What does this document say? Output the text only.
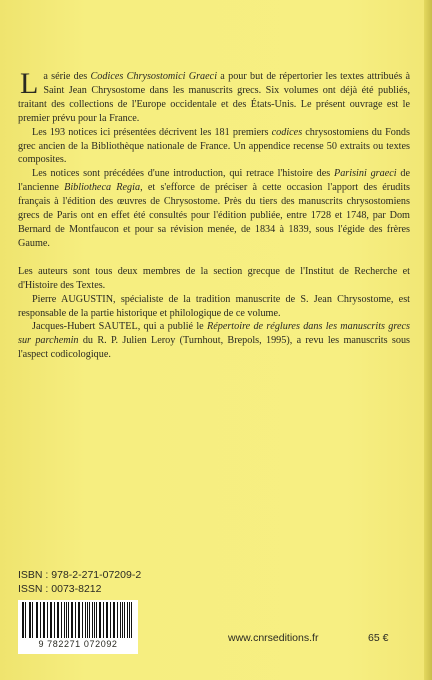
La série des Codices Chrysostomici Graeci a pour but de répertorier les textes attribués à Saint Jean Chrysostome dans les manuscrits grecs. Six volumes ont déjà été publiés, traitant des collections de l'Europe occidentale et des États-Unis. Le présent ouvrage est le premier prévu pour la France.

Les 193 notices ici présentées décrivent les 181 premiers codices chrysostomiens du Fonds grec ancien de la Bibliothèque nationale de France. Un appendice recense 50 extraits ou textes composites.

Les notices sont précédées d'une introduction, qui retrace l'histoire des Parisini graeci de l'ancienne Bibliotheca Regia, et s'efforce de préciser à cette occasion l'apport des érudits français à l'édition des œuvres de Chrysostome. Près du tiers des manuscrits chrysostomiens grecs de Paris ont en effet été consultés pour l'édition publiée, entre 1728 et 1748, par Dom Bernard de Montfaucon et pour sa révision menée, de 1834 à 1839, sous l'égide des frères Gaume.

Les auteurs sont tous deux membres de la section grecque de l'Institut de Recherche et d'Histoire des Textes.

Pierre AUGUSTIN, spécialiste de la tradition manuscrite de S. Jean Chrysostome, est responsable de la partie historique et philologique de ce volume.

Jacques-Hubert SAUTEL, qui a publié le Répertoire de réglures dans les manuscrits grecs sur parchemin du R. P. Julien Leroy (Turnhout, Brepols, 1995), a revu les manuscrits sous l'aspect codicologique.

ISBN : 978-2-271-07209-2
ISSN : 0073-8212
9 782271 072092	www.cnrseditions.fr	65 €
